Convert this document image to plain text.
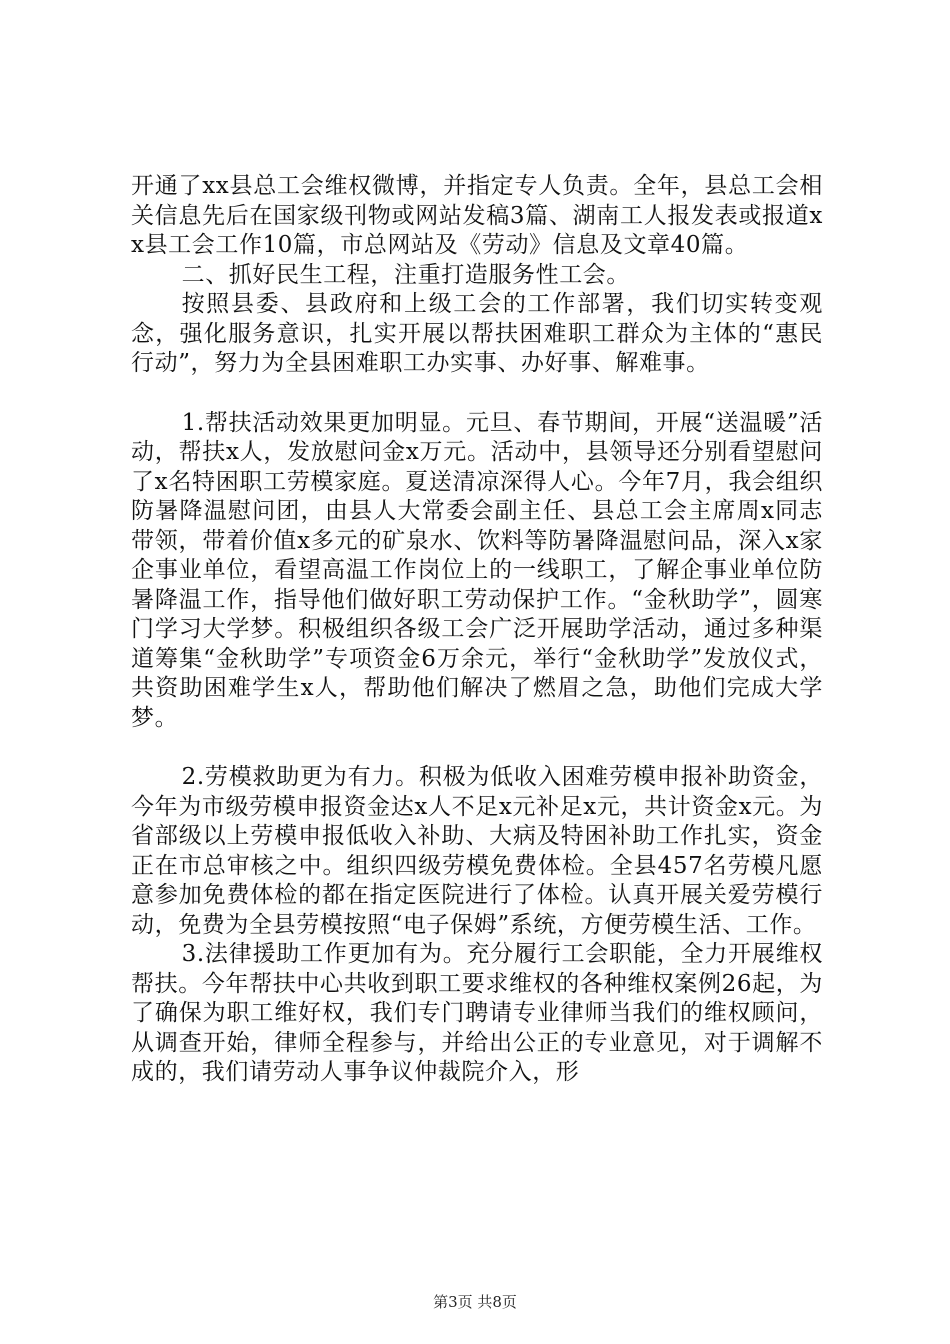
开通了xx县总工会维权微博，并指定专人负责。全年，县总工会相关信息先后在国家级刊物或网站发稿3篇、湖南工人报发表或报道xx县工会工作10篇，市总网站及《劳动》信息及文章40篇。

二、抓好民生工程，注重打造服务性工会。

按照县委、县政府和上级工会的工作部署，我们切实转变观念，强化服务意识，扎实开展以帮扶困难职工群众为主体的“惠民行动”，努力为全县困难职工办实事、办好事、解难事。

1.帮扶活动效果更加明显。元旦、春节期间，开展“送温暖”活动，帮扶x人，发放慰问金x万元。活动中，县领导还分别看望慰问了x名特困职工劳模家庭。夏送清凉深得人心。今年7月，我会组织防暑降温慰问团，由县人大常委会副主任、县总工会主席周x同志带领，带着价值x多元的矿泉水、饮料等防暑降温慰问品，深入x家企事业单位，看望高温工作岗位上的一线职工，了解企事业单位防暑降温工作，指导他们做好职工劳动保护工作。“金秋助学”，圆寒门学习大学梦。积极组织各级工会广泛开展助学活动，通过多种渠道筹集“金秋助学”专项资金6万余元，举行“金秋助学”发放仪式，共资助困难学生x人，帮助他们解决了燃眉之急，助他们完成大学梦。

2.劳模救助更为有力。积极为低收入困难劳模申报补助资金，今年为市级劳模申报资金达x人不足x元补足x元，共计资金x元。为省部级以上劳模申报低收入补助、大病及特困补助工作扎实，资金正在市总审核之中。组织四级劳模免费体检。全县457名劳模凡愿意参加免费体检的都在指定医院进行了体检。认真开展关爱劳模行动，免费为全县劳模按照“电子保姆”系统，方便劳模生活、工作。

3.法律援助工作更加有为。充分履行工会职能，全力开展维权帮扶。今年帮扶中心共收到职工要求维权的各种维权案例26起，为了确保为职工维好权，我们专门聘请专业律师当我们的维权顾问，从调查开始，律师全程参与，并给出公正的专业意见，对于调解不成的，我们请劳动人事争议仲裁院介入，形

第3页 共8页
